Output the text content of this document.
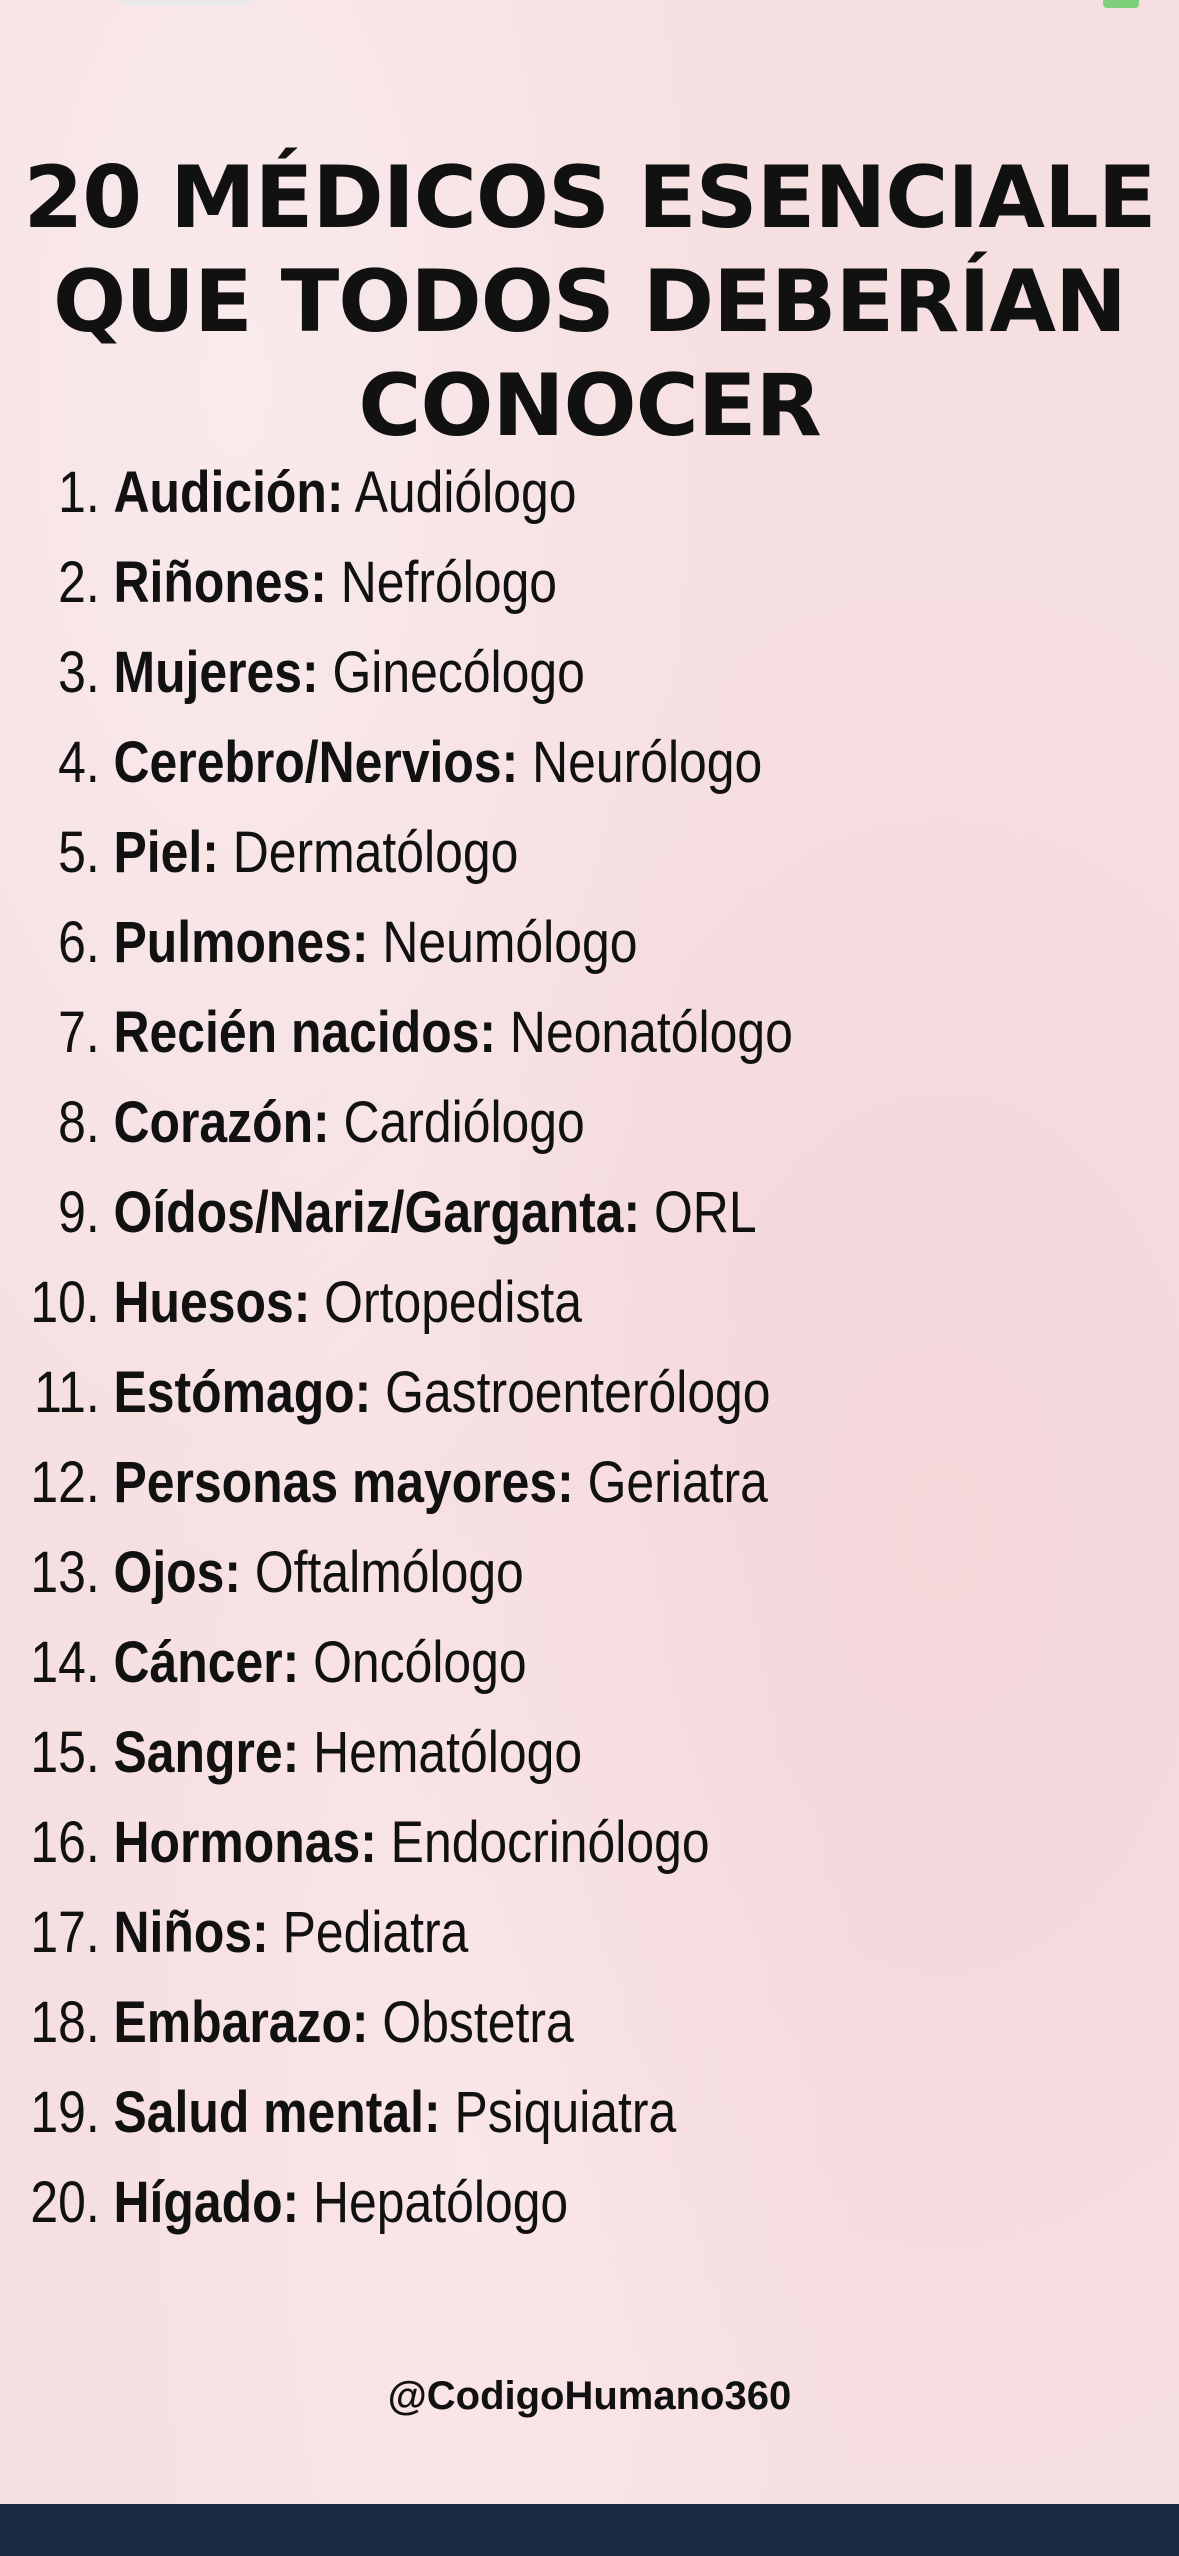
20 MÉDICOS ESENCIALE
QUE TODOS DEBERÍAN
CONOCER
1. Audición: Audiólogo
2. Riñones: Nefrólogo
3. Mujeres: Ginecólogo
4. Cerebro/Nervios: Neurólogo
5. Piel: Dermatólogo
6. Pulmones: Neumólogo
7. Recién nacidos: Neonatólogo
8. Corazón: Cardiólogo
9. Oídos/Nariz/Garganta: ORL
10. Huesos: Ortopedista
11. Estómago: Gastroenterólogo
12. Personas mayores: Geriatra
13. Ojos: Oftalmólogo
14. Cáncer: Oncólogo
15. Sangre: Hematólogo
16. Hormonas: Endocrinólogo
17. Niños: Pediatra
18. Embarazo: Obstetra
19. Salud mental: Psiquiatra
20. Hígado: Hepatólogo
@CodigoHumano360
